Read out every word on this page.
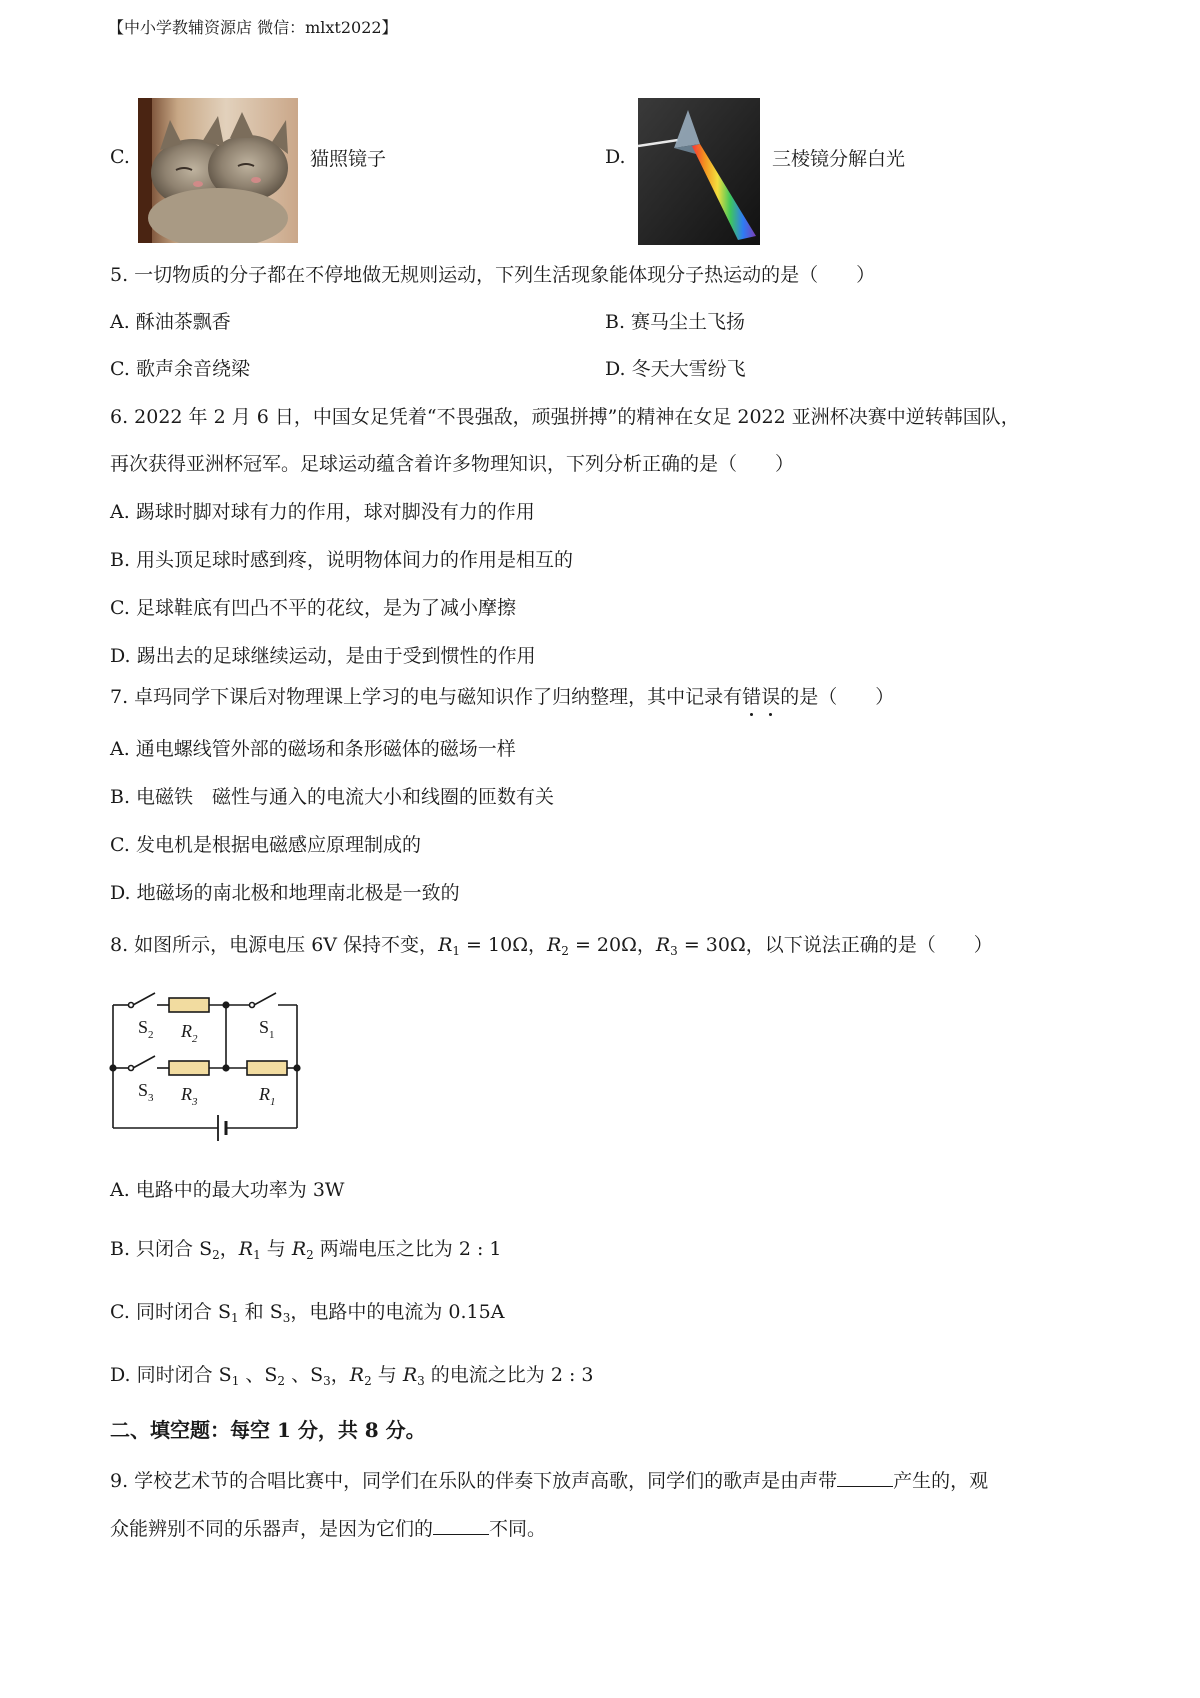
【中小学教辅资源店 微信：mlxt2022】
C.	猫照镜子	D.	三棱镜分解白光
5. 一切物质的分子都在不停地做无规则运动，下列生活现象能体现分子热运动的是（　　）
A. 酥油茶飘香	B. 赛马尘土飞扬
C. 歌声余音绕梁	D. 冬天大雪纷飞
6. 2022 年 2 月 6 日，中国女足凭着“不畏强敌，顽强拼搏”的精神在女足 2022 亚洲杯决赛中逆转韩国队，
再次获得亚洲杯冠军。足球运动蕴含着许多物理知识，下列分析正确的是（　　）
A. 踢球时脚对球有力的作用，球对脚没有力的作用
B. 用头顶足球时感到疼，说明物体间力的作用是相互的
C. 足球鞋底有凹凸不平的花纹，是为了减小摩擦
D. 踢出去的足球继续运动，是由于受到惯性的作用
7. 卓玛同学下课后对物理课上学习的电与磁知识作了归纳整理，其中记录有错误的是（　　）
A. 通电螺线管外部的磁场和条形磁体的磁场一样
B. 电磁铁　磁性与通入的电流大小和线圈的匝数有关
C. 发电机是根据电磁感应原理制成的
D. 地磁场的南北极和地理南北极是一致的
8. 如图所示，电源电压 6V 保持不变，$R_1 = 10\Omega$，$R_2 = 20\Omega$，$R_3 = 30\Omega$，以下说法正确的是（　　）
$S_2$ $R_2$
$S_1$
$S_3$ $R_3$	$R_1$
A. 电路中的最大功率为 3W
B. 只闭合 $S_2$，$R_1$ 与 $R_2$ 两端电压之比为 2 : 1
C. 同时闭合 $S_1$ 和 $S_3$，电路中的电流为 0.15A
D. 同时闭合 $S_1$ 、$S_2$ 、$S_3$，$R_2$ 与 $R_3$ 的电流之比为 2 : 3
二、填空题：每空 1 分，共 8 分。
9. 学校艺术节的合唱比赛中，同学们在乐队的伴奏下放声高歌，同学们的歌声是由声带	产生的，观
众能辨别不同的乐器声，是因为它们的	不同。
